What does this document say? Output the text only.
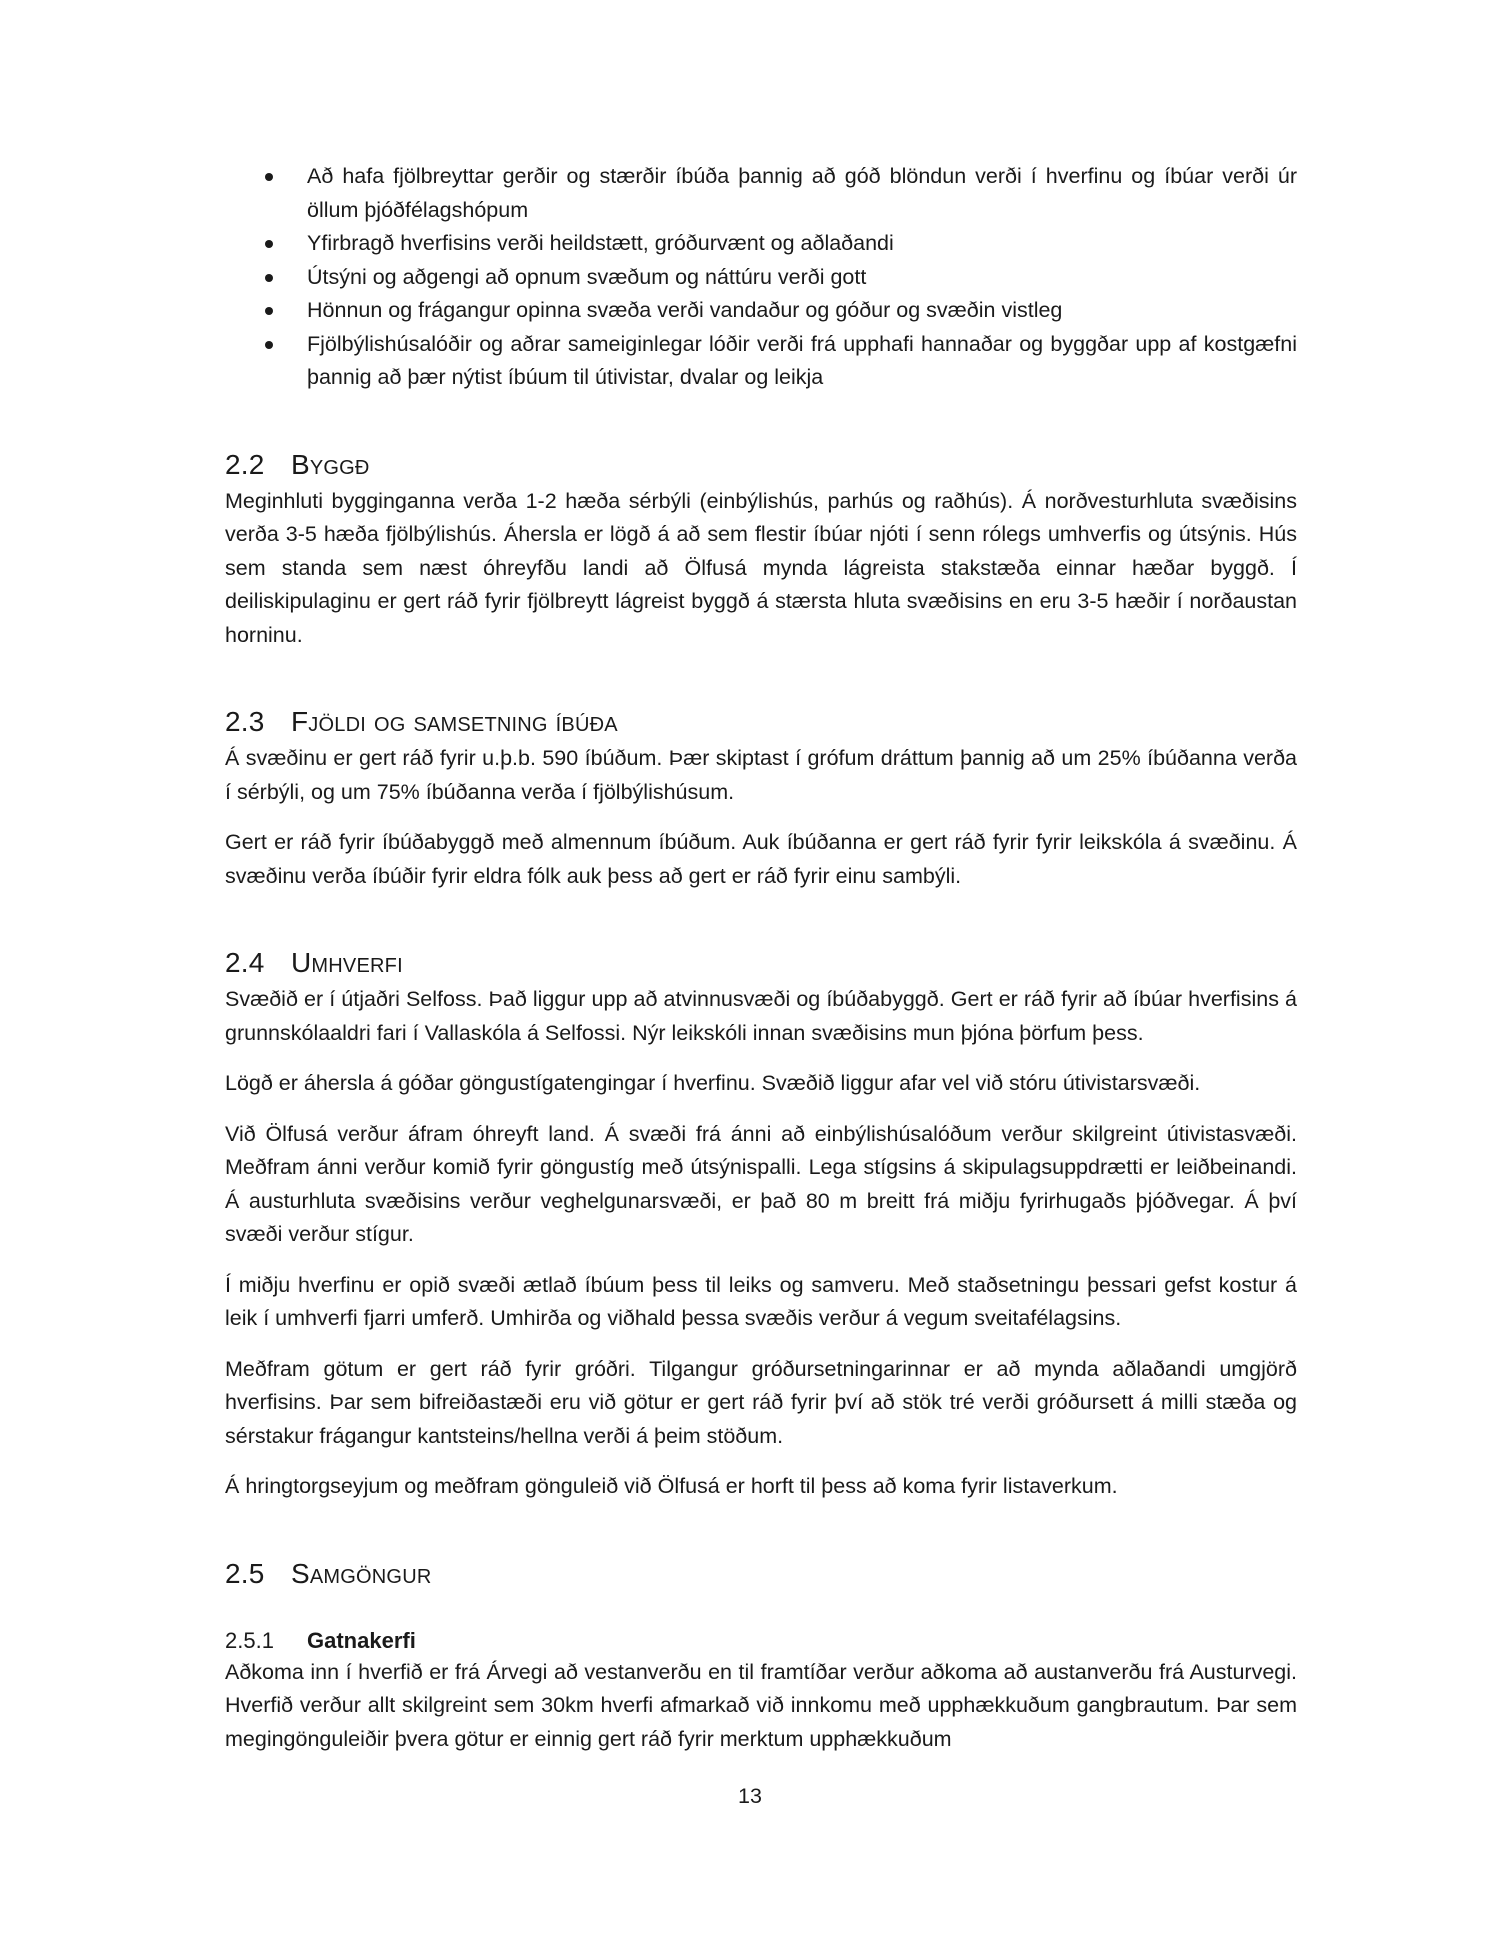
Að hafa fjölbreyttar gerðir og stærðir íbúða þannig að góð blöndun verði í hverfinu og íbúar verði úr öllum þjóðfélagshópum
Yfirbragð hverfisins verði heildstætt, gróðurvænt og aðlaðandi
Útsýni og aðgengi að opnum svæðum og náttúru verði gott
Hönnun og frágangur opinna svæða verði vandaður og góður og svæðin vistleg
Fjölbýlishúsalóðir og aðrar sameiginlegar lóðir verði frá upphafi hannaðar og byggðar upp af kostgæfni þannig að þær nýtist íbúum til útivistar, dvalar og leikja
2.2 Byggð

Meginhluti bygginganna verða 1-2 hæða sérbýli (einbýlishús, parhús og raðhús). Á norðvesturhluta svæðisins verða 3-5 hæða fjölbýlishús. Áhersla er lögð á að sem flestir íbúar njóti í senn rólegs umhverfis og útsýnis. Hús sem standa sem næst óhreyfðu landi að Ölfusá mynda lágreista stakstæða einnar hæðar byggð. Í deiliskipulaginu er gert ráð fyrir fjölbreytt lágreist byggð á stærsta hluta svæðisins en eru 3-5 hæðir í norðaustan horninu.

2.3 Fjöldi og samsetning íbúða

Á svæðinu er gert ráð fyrir u.þ.b. 590 íbúðum. Þær skiptast í grófum dráttum þannig að um 25% íbúðanna verða í sérbýli, og um 75% íbúðanna verða í fjölbýlishúsum.

Gert er ráð fyrir íbúðabyggð með almennum íbúðum. Auk íbúðanna er gert ráð fyrir fyrir leikskóla á svæðinu. Á svæðinu verða íbúðir fyrir eldra fólk auk þess að gert er ráð fyrir einu sambýli.

2.4 Umhverfi

Svæðið er í útjaðri Selfoss. Það liggur upp að atvinnusvæði og íbúðabyggð. Gert er ráð fyrir að íbúar hverfisins á grunnskólaaldri fari í Vallaskóla á Selfossi. Nýr leikskóli innan svæðisins mun þjóna þörfum þess.

Lögð er áhersla á góðar göngustígatengingar í hverfinu. Svæðið liggur afar vel við stóru útivistarsvæði.

Við Ölfusá verður áfram óhreyft land. Á svæði frá ánni að einbýlishúsalóðum verður skilgreint útivistasvæði. Meðfram ánni verður komið fyrir göngustíg með útsýnispalli. Lega stígsins á skipulagsuppdrætti er leiðbeinandi. Á austurhluta svæðisins verður veghelgunarsvæði, er það 80 m breitt frá miðju fyrirhugaðs þjóðvegar. Á því svæði verður stígur.

Í miðju hverfinu er opið svæði ætlað íbúum þess til leiks og samveru. Með staðsetningu þessari gefst kostur á leik í umhverfi fjarri umferð. Umhirða og viðhald þessa svæðis verður á vegum sveitafélagsins.

Meðfram götum er gert ráð fyrir gróðri. Tilgangur gróðursetningarinnar er að mynda aðlaðandi umgjörð hverfisins. Þar sem bifreiðastæði eru við götur er gert ráð fyrir því að stök tré verði gróðursett á milli stæða og sérstakur frágangur kantsteins/hellna verði á þeim stöðum.

Á hringtorgseyjum og meðfram gönguleið við Ölfusá er horft til þess að koma fyrir listaverkum.

2.5 Samgöngur
2.5.1 Gatnakerfi

Aðkoma inn í hverfið er frá Árvegi að vestanverðu en til framtíðar verður aðkoma að austanverðu frá Austurvegi. Hverfið verður allt skilgreint sem 30km hverfi afmarkað við innkomu með upphækkuðum gangbrautum. Þar sem megingönguleiðir þvera götur er einnig gert ráð fyrir merktum upphækkuðum

13
